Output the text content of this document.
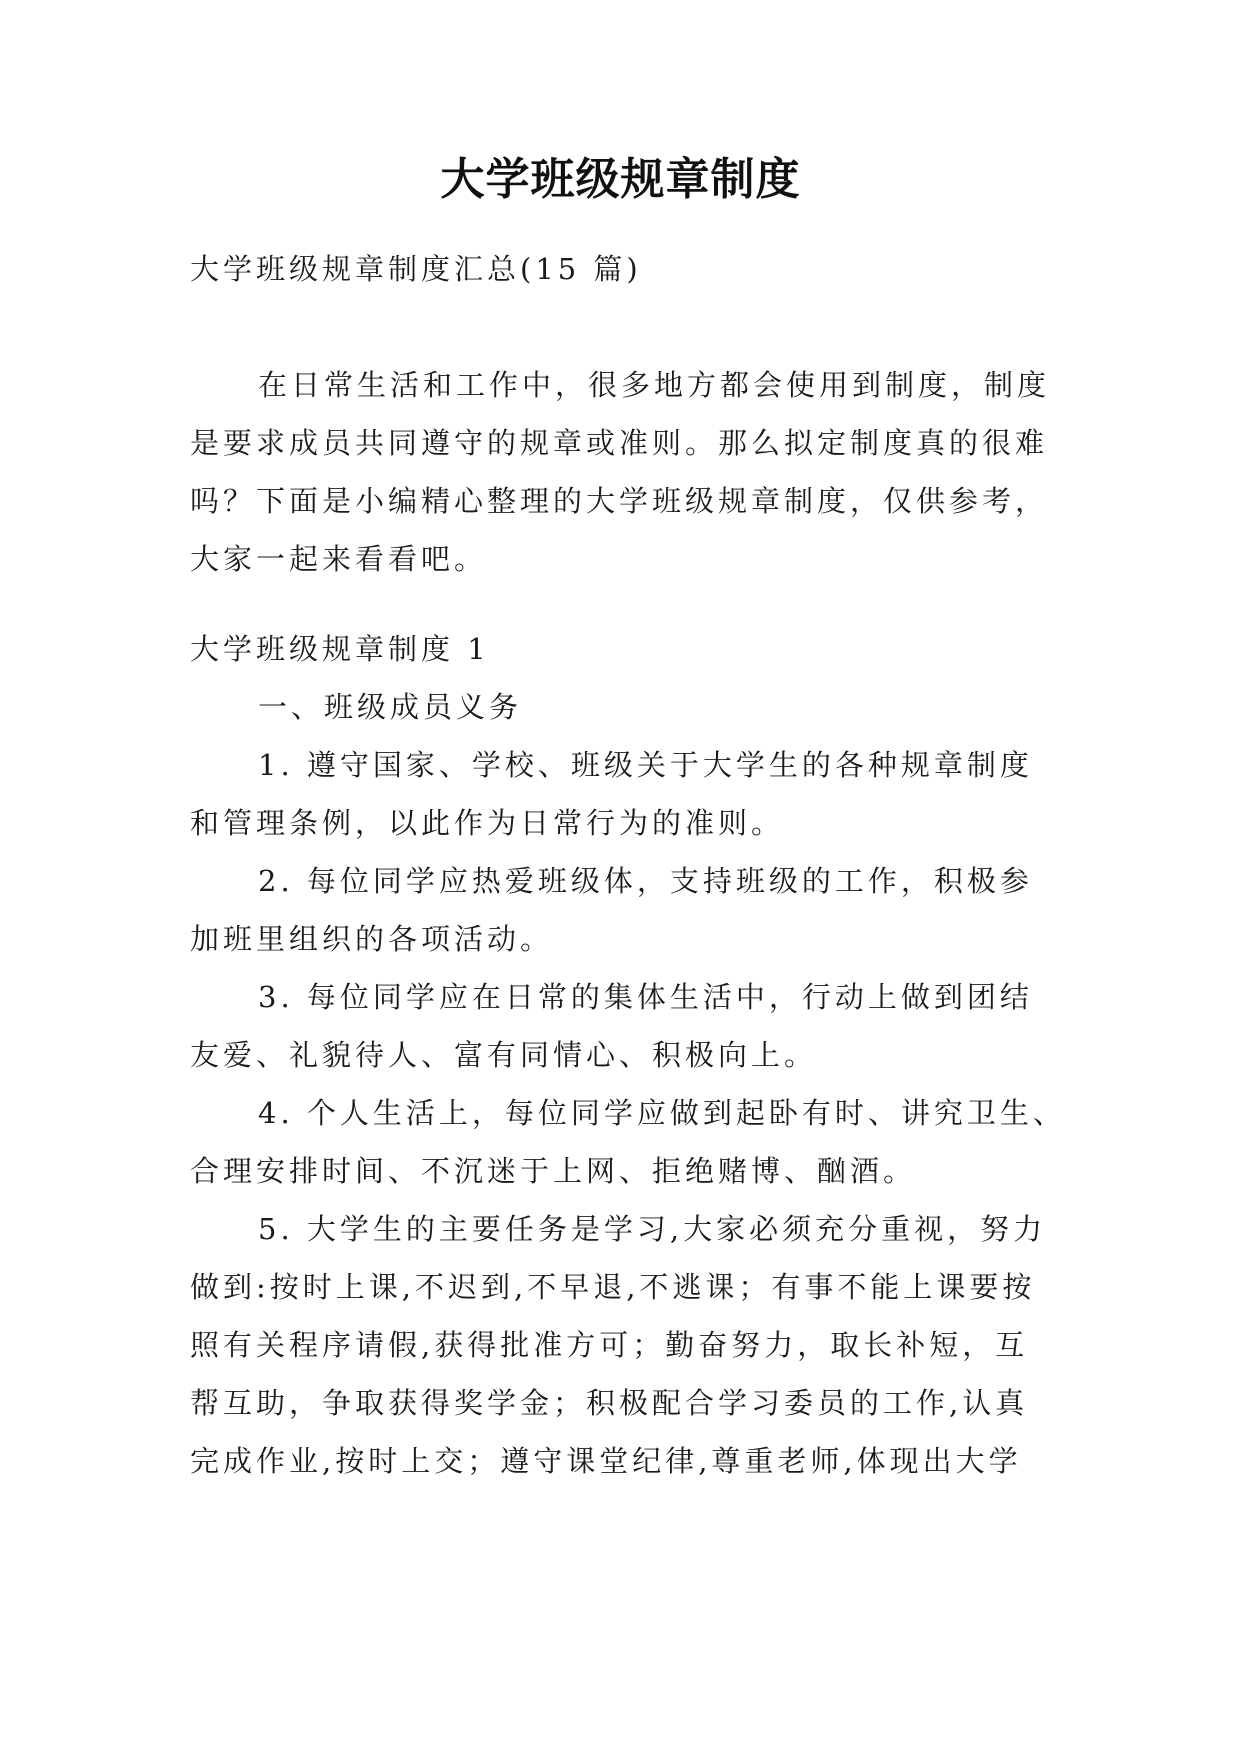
大学班级规章制度
大学班级规章制度汇总(15 篇)
在日常生活和工作中，很多地方都会使用到制度，制度
是要求成员共同遵守的规章或准则。那么拟定制度真的很难
吗？下面是小编精心整理的大学班级规章制度，仅供参考，
大家一起来看看吧。
大学班级规章制度 1
一、班级成员义务
1. 遵守国家、学校、班级关于大学生的各种规章制度
和管理条例，以此作为日常行为的准则。
2. 每位同学应热爱班级体，支持班级的工作，积极参
加班里组织的各项活动。
3. 每位同学应在日常的集体生活中，行动上做到团结
友爱、礼貌待人、富有同情心、积极向上。
4. 个人生活上，每位同学应做到起卧有时、讲究卫生、
合理安排时间、不沉迷于上网、拒绝赌博、酗酒。
5. 大学生的主要任务是学习,大家必须充分重视，努力
做到:按时上课,不迟到,不早退,不逃课；有事不能上课要按
照有关程序请假,获得批准方可；勤奋努力，取长补短，互
帮互助，争取获得奖学金；积极配合学习委员的工作,认真
完成作业,按时上交；遵守课堂纪律,尊重老师,体现出大学
